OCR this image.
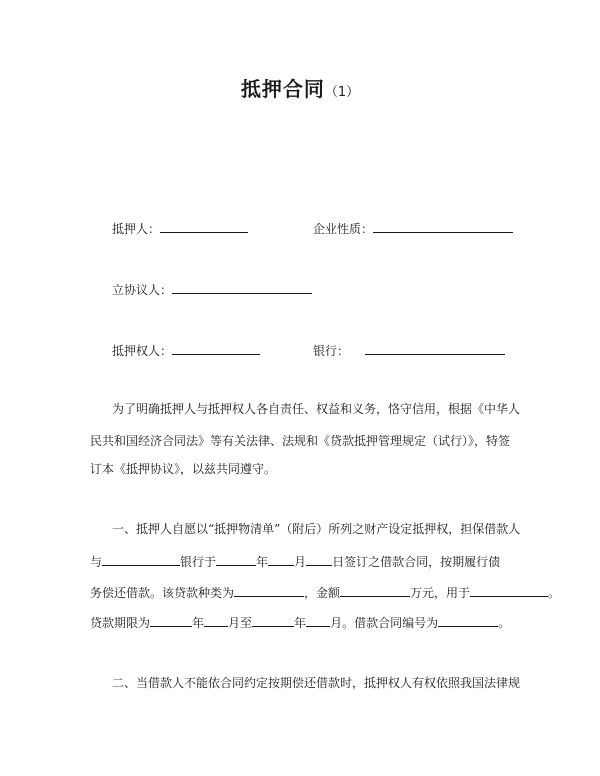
抵押合同（1）
抵押人：	企业性质：
立协议人：
抵押权人：	银行：
为了明确抵押人与抵押权人各自责任、权益和义务，恪守信用，根据《中华人
民共和国经济合同法》等有关法律、法规和《贷款抵押管理规定（试行）》，特签
订本《抵押协议》，以兹共同遵守。
一、抵押人自愿以“抵押物清单”（附后）所列之财产设定抵押权，担保借款人
与	银行于	年 月 日签订之借款合同，按期履行债
务偿还借款。该贷款种类为	，金额	万元，用于	。
贷款期限为	年 月至	年 月。借款合同编号为	。
二、当借款人不能依合同约定按期偿还借款时，抵押权人有权依照我国法律规
